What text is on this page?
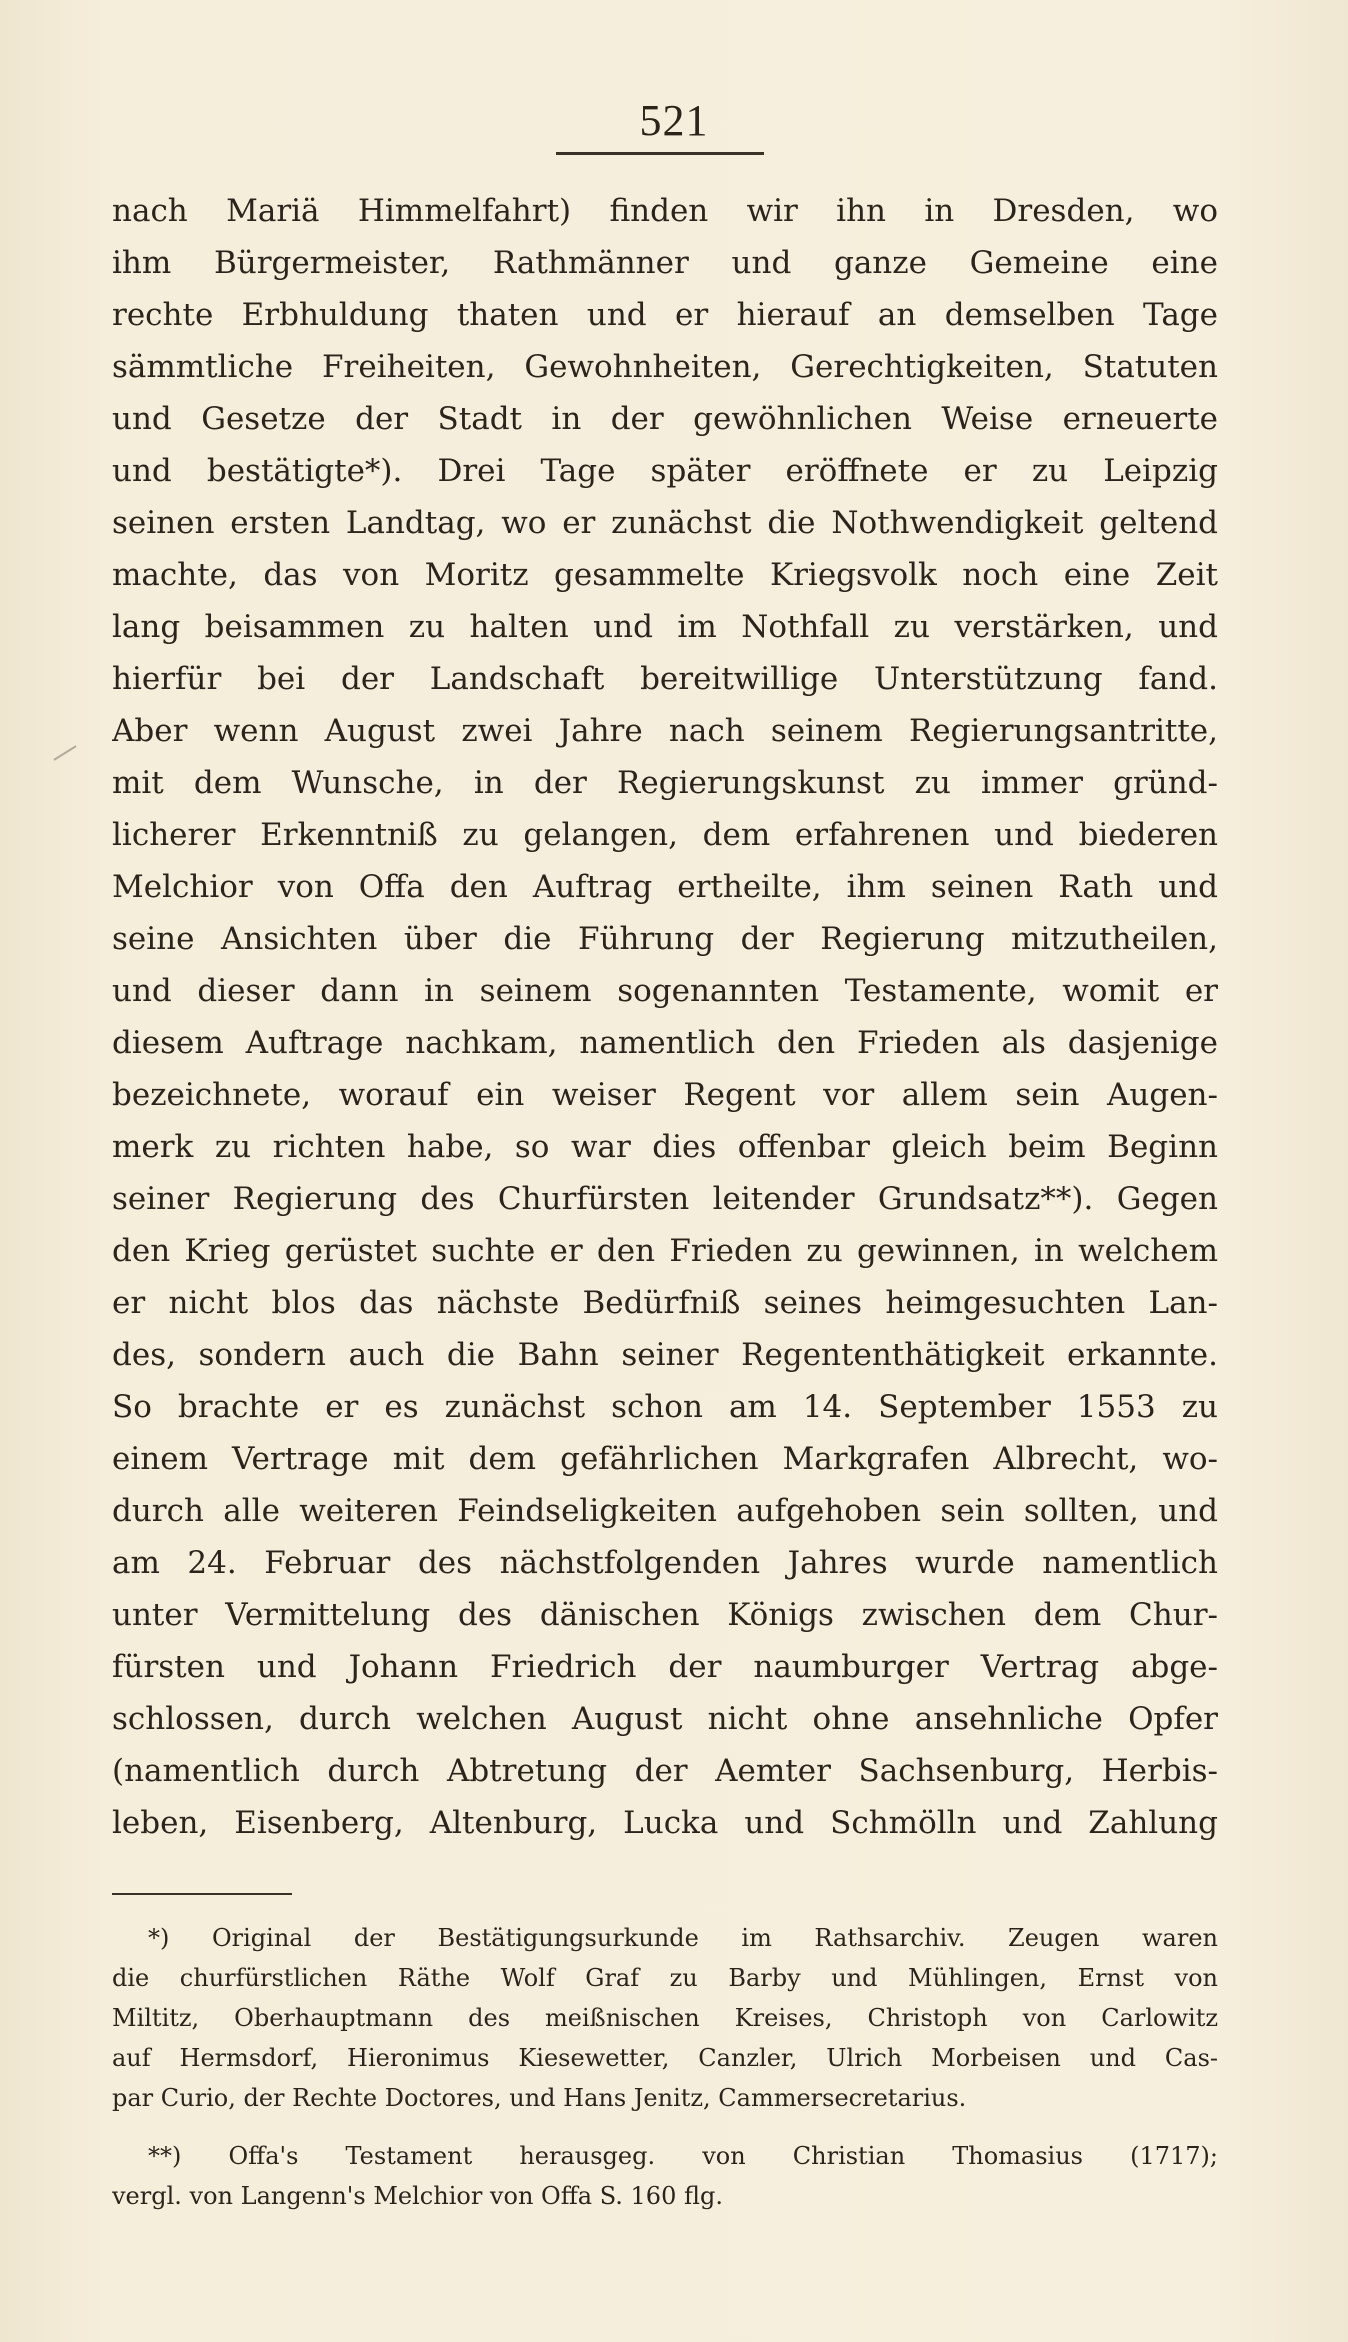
521
nach Mariä Himmelfahrt) finden wir ihn in Dresden, wo
ihm Bürgermeister, Rathmänner und ganze Gemeine eine
rechte Erbhuldung thaten und er hierauf an demselben Tage
sämmtliche Freiheiten, Gewohnheiten, Gerechtigkeiten, Statuten
und Gesetze der Stadt in der gewöhnlichen Weise erneuerte
und bestätigte*). Drei Tage später eröffnete er zu Leipzig
seinen ersten Landtag, wo er zunächst die Nothwendigkeit geltend
machte, das von Moritz gesammelte Kriegsvolk noch eine Zeit
lang beisammen zu halten und im Nothfall zu verstärken, und
hierfür bei der Landschaft bereitwillige Unterstützung fand.
Aber wenn August zwei Jahre nach seinem Regierungsantritte,
mit dem Wunsche, in der Regierungskunst zu immer gründ-
licherer Erkenntniß zu gelangen, dem erfahrenen und biederen
Melchior von Offa den Auftrag ertheilte, ihm seinen Rath und
seine Ansichten über die Führung der Regierung mitzutheilen,
und dieser dann in seinem sogenannten Testamente, womit er
diesem Auftrage nachkam, namentlich den Frieden als dasjenige
bezeichnete, worauf ein weiser Regent vor allem sein Augen-
merk zu richten habe, so war dies offenbar gleich beim Beginn
seiner Regierung des Churfürsten leitender Grundsatz**). Gegen
den Krieg gerüstet suchte er den Frieden zu gewinnen, in welchem
er nicht blos das nächste Bedürfniß seines heimgesuchten Lan-
des, sondern auch die Bahn seiner Regententhätigkeit erkannte.
So brachte er es zunächst schon am 14. September 1553 zu
einem Vertrage mit dem gefährlichen Markgrafen Albrecht, wo-
durch alle weiteren Feindseligkeiten aufgehoben sein sollten, und
am 24. Februar des nächstfolgenden Jahres wurde namentlich
unter Vermittelung des dänischen Königs zwischen dem Chur-
fürsten und Johann Friedrich der naumburger Vertrag abge-
schlossen, durch welchen August nicht ohne ansehnliche Opfer
(namentlich durch Abtretung der Aemter Sachsenburg, Herbis-
leben, Eisenberg, Altenburg, Lucka und Schmölln und Zahlung
*) Original der Bestätigungsurkunde im Rathsarchiv. Zeugen waren
die churfürstlichen Räthe Wolf Graf zu Barby und Mühlingen, Ernst von
Miltitz, Oberhauptmann des meißnischen Kreises, Christoph von Carlowitz
auf Hermsdorf, Hieronimus Kiesewetter, Canzler, Ulrich Morbeisen und Cas-
par Curio, der Rechte Doctores, und Hans Jenitz, Cammersecretarius.
**) Offa's Testament herausgeg. von Christian Thomasius (1717);
vergl. von Langenn's Melchior von Offa S. 160 flg.
